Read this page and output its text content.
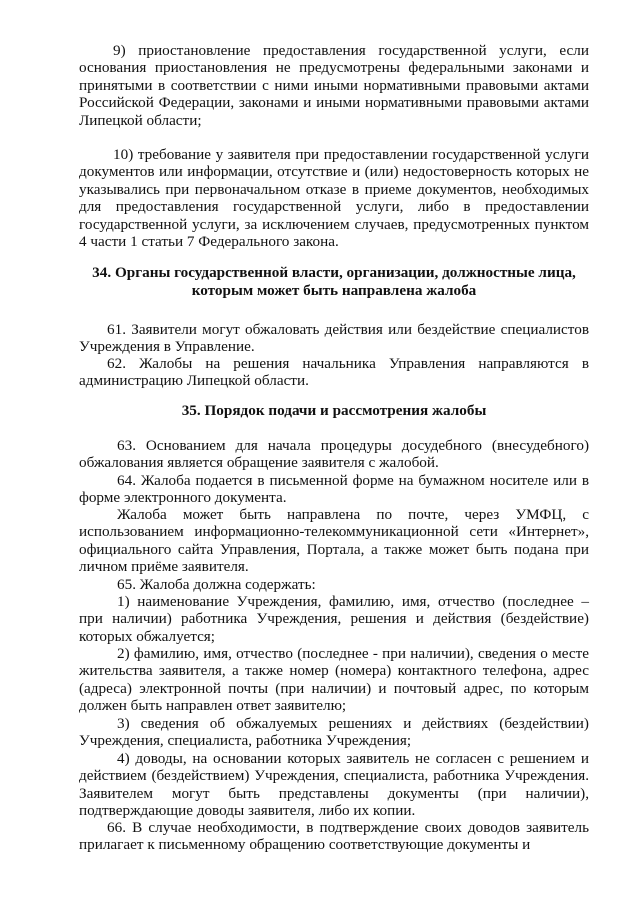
9) приостановление предоставления государственной услуги, если основания приостановления не предусмотрены федеральными законами и принятыми в соответствии с ними иными нормативными правовыми актами Российской Федерации, законами и иными нормативными правовыми актами Липецкой области;

10) требование у заявителя при предоставлении государственной услуги документов или информации, отсутствие и (или) недостоверность которых не указывались при первоначальном отказе в приеме документов, необходимых для предоставления государственной услуги, либо в предоставлении государственной услуги, за исключением случаев, предусмотренных пунктом 4 части 1 статьи 7 Федерального закона.

34. Органы государственной власти, организации, должностные лица, которым может быть направлена жалоба

61. Заявители могут обжаловать действия или бездействие специалистов Учреждения в Управление.

62. Жалобы на решения начальника Управления направляются в администрацию Липецкой области.

35. Порядок подачи и рассмотрения жалобы

63. Основанием для начала процедуры досудебного (внесудебного) обжалования является обращение заявителя с жалобой.

64. Жалоба подается в письменной форме на бумажном носителе или в форме электронного документа.

Жалоба может быть направлена по почте, через УМФЦ, с использованием информационно-телекоммуникационной сети «Интернет», официального сайта Управления, Портала, а также может быть подана при личном приёме заявителя.

65. Жалоба должна содержать:

1) наименование Учреждения, фамилию, имя, отчество (последнее – при наличии) работника Учреждения, решения и действия (бездействие) которых обжалуется;

2) фамилию, имя, отчество (последнее - при наличии), сведения о месте жительства заявителя, а также номер (номера) контактного телефона, адрес (адреса) электронной почты (при наличии) и почтовый адрес, по которым должен быть направлен ответ заявителю;

3) сведения об обжалуемых решениях и действиях (бездействии) Учреждения, специалиста, работника Учреждения;

4) доводы, на основании которых заявитель не согласен с решением и действием (бездействием) Учреждения, специалиста, работника Учреждения. Заявителем могут быть представлены документы (при наличии), подтверждающие доводы заявителя, либо их копии.

66. В случае необходимости, в подтверждение своих доводов заявитель прилагает к письменному обращению соответствующие документы и
